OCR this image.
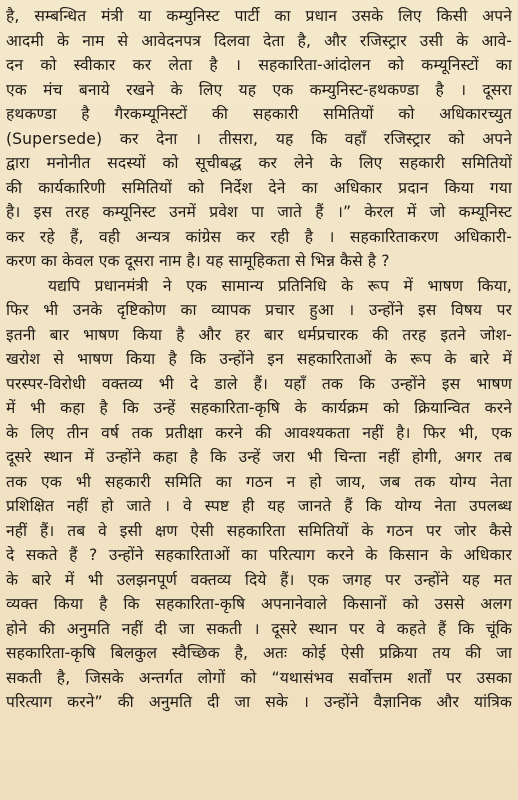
है, सम्बन्धित मंत्री या कम्युनिस्ट पार्टी का प्रधान उसके लिए किसी अपने
आदमी के नाम से आवेदनपत्र दिलवा देता है, और रजिस्ट्रार उसी के आवे-
दन को स्वीकार कर लेता है । सहकारिता-आंदोलन को कम्यूनिस्टों का
एक मंच बनाये रखने के लिए यह एक कम्युनिस्ट-हथकण्डा है । दूसरा
हथकण्डा है गैरकम्यूनिस्टों की सहकारी समितियों को अधिकारच्युत
(Supersede) कर देना । तीसरा, यह कि वहाँ रजिस्ट्रार को अपने
द्वारा मनोनीत सदस्यों को सूचीबद्ध कर लेने के लिए सहकारी समितियों
की कार्यकारिणी समितियों को निर्देश देने का अधिकार प्रदान किया गया
है। इस तरह कम्यूनिस्ट उनमें प्रवेश पा जाते हैं ।” केरल में जो कम्यूनिस्ट
कर रहे हैं, वही अन्यत्र कांग्रेस कर रही है । सहकारिताकरण अधिकारी-
करण का केवल एक दूसरा नाम है। यह सामूहिकता से भिन्न कैसे है ?
यद्यपि प्रधानमंत्री ने एक सामान्य प्रतिनिधि के रूप में भाषण किया,
फिर भी उनके दृष्टिकोण का व्यापक प्रचार हुआ । उन्होंने इस विषय पर
इतनी बार भाषण किया है और हर बार धर्मप्रचारक की तरह इतने जोश-
खरोश से भाषण किया है कि उन्होंने इन सहकारिताओं के रूप के बारे में
परस्पर-विरोधी वक्तव्य भी दे डाले हैं। यहाँ तक कि उन्होंने इस भाषण
में भी कहा है कि उन्हें सहकारिता-कृषि के कार्यक्रम को क्रियान्वित करने
के लिए तीन वर्ष तक प्रतीक्षा करने की आवश्यकता नहीं है। फिर भी, एक
दूसरे स्थान में उन्होंने कहा है कि उन्हें जरा भी चिन्ता नहीं होगी, अगर तब
तक एक भी सहकारी समिति का गठन न हो जाय, जब तक योग्य नेता
प्रशिक्षित नहीं हो जाते । वे स्पष्ट ही यह जानते हैं कि योग्य नेता उपलब्ध
नहीं हैं। तब वे इसी क्षण ऐसी सहकारिता समितियों के गठन पर जोर कैसे
दे सकते हैं ? उन्होंने सहकारिताओं का परित्याग करने के किसान के अधिकार
के बारे में भी उलझनपूर्ण वक्तव्य दिये हैं। एक जगह पर उन्होंने यह मत
व्यक्त किया है कि सहकारिता-कृषि अपनानेवाले किसानों को उससे अलग
होने की अनुमति नहीं दी जा सकती । दूसरे स्थान पर वे कहते हैं कि चूंकि
सहकारिता-कृषि बिलकुल स्वैच्छिक है, अतः कोई ऐसी प्रक्रिया तय की जा
सकती है, जिसके अन्तर्गत लोगों को “यथासंभव सर्वोत्तम शर्तों पर उसका
परित्याग करने” की अनुमति दी जा सके । उन्होंने वैज्ञानिक और यांत्रिक
